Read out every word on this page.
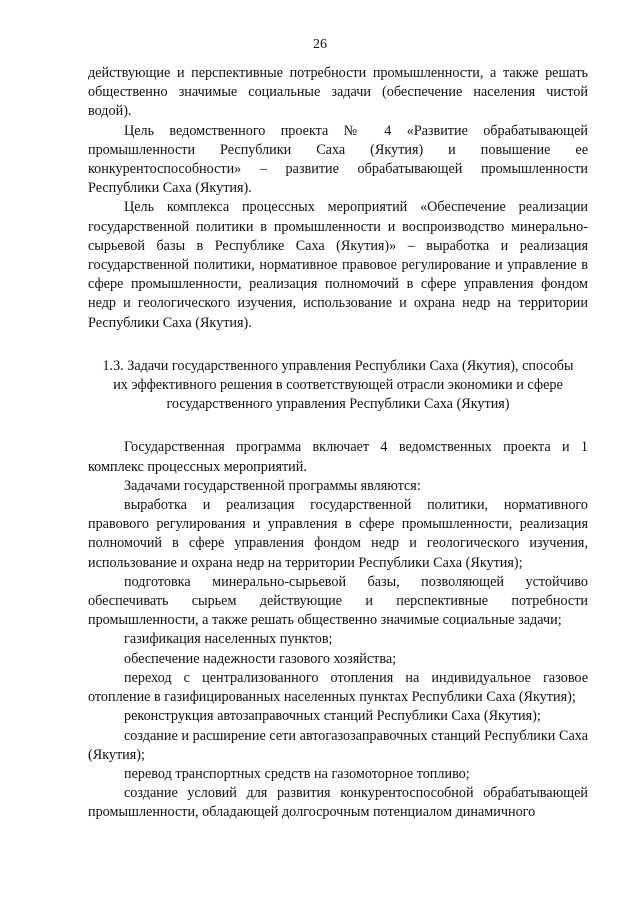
26

действующие и перспективные потребности промышленности, а также решать общественно значимые социальные задачи (обеспечение населения чистой водой).

Цель ведомственного проекта № 4 «Развитие обрабатывающей промышленности Республики Саха (Якутия) и повышение ее конкурентоспособности» – развитие обрабатывающей промышленности Республики Саха (Якутия).

Цель комплекса процессных мероприятий «Обеспечение реализации государственной политики в промышленности и воспроизводство минерально-сырьевой базы в Республике Саха (Якутия)» – выработка и реализация государственной политики, нормативное правовое регулирование и управление в сфере промышленности, реализация полномочий в сфере управления фондом недр и геологического изучения, использование и охрана недр на территории Республики Саха (Якутия).

1.3. Задачи государственного управления Республики Саха (Якутия), способы их эффективного решения в соответствующей отрасли экономики и сфере государственного управления Республики Саха (Якутия)

Государственная программа включает 4 ведомственных проекта и 1 комплекс процессных мероприятий.

Задачами государственной программы являются:

выработка и реализация государственной политики, нормативного правового регулирования и управления в сфере промышленности, реализация полномочий в сфере управления фондом недр и геологического изучения, использование и охрана недр на территории Республики Саха (Якутия);

подготовка минерально-сырьевой базы, позволяющей устойчиво обеспечивать сырьем действующие и перспективные потребности промышленности, а также решать общественно значимые социальные задачи;

газификация населенных пунктов;

обеспечение надежности газового хозяйства;

переход с централизованного отопления на индивидуальное газовое отопление в газифицированных населенных пунктах Республики Саха (Якутия);

реконструкция автозаправочных станций Республики Саха (Якутия);

создание и расширение сети автогазозаправочных станций Республики Саха (Якутия);

перевод транспортных средств на газомоторное топливо;

создание условий для развития конкурентоспособной обрабатывающей промышленности, обладающей долгосрочным потенциалом динамичного
